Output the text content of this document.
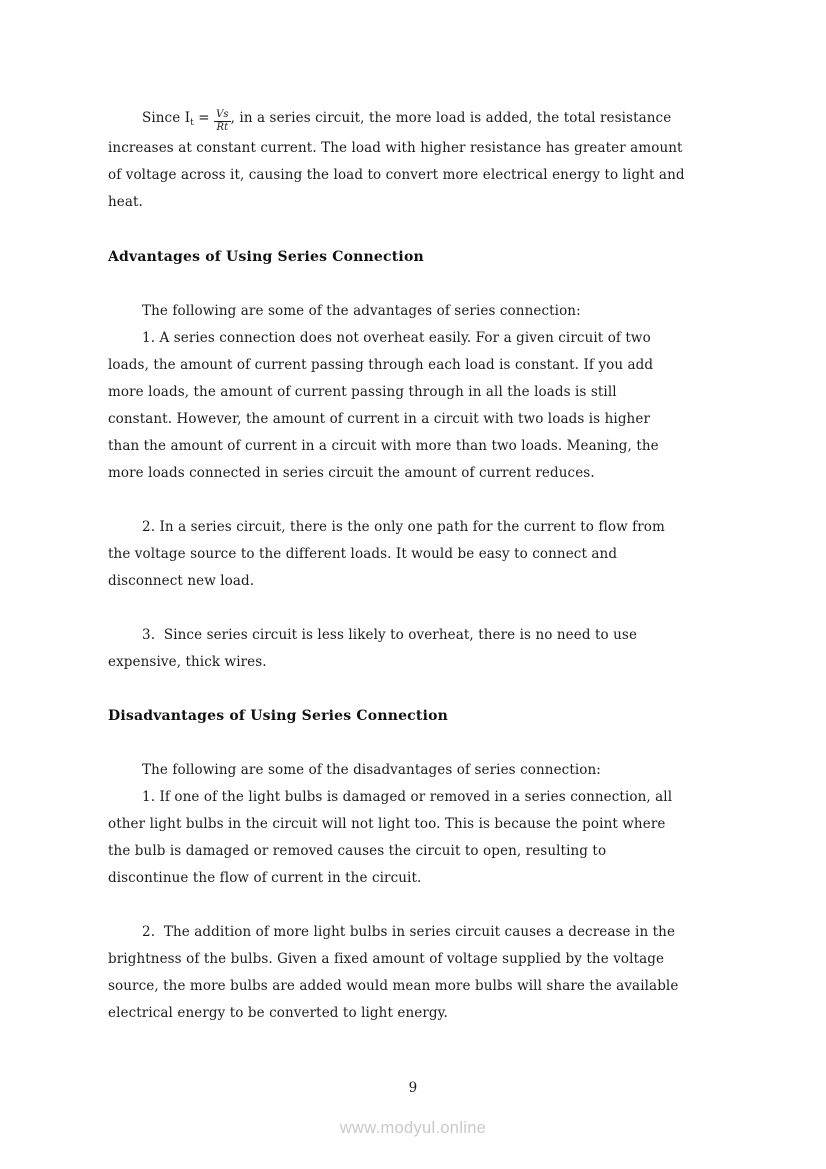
Since $I_t = \frac{Vs}{Rt}$ , in a series circuit, the more load is added, the total resistance
increases at constant current. The load with higher resistance has greater amount
of voltage across it, causing the load to convert more electrical energy to light and
heat.
Advantages of Using Series Connection
The following are some of the advantages of series connection:
1. A series connection does not overheat easily. For a given circuit of two
loads, the amount of current passing through each load is constant. If you add
more loads, the amount of current passing through in all the loads is still
constant. However, the amount of current in a circuit with two loads is higher
than the amount of current in a circuit with more than two loads. Meaning, the
more loads connected in series circuit the amount of current reduces.
2. In a series circuit, there is the only one path for the current to flow from
the voltage source to the different loads. It would be easy to connect and
disconnect new load.
3.  Since series circuit is less likely to overheat, there is no need to use
expensive, thick wires.
Disadvantages of Using Series Connection
The following are some of the disadvantages of series connection:
1. If one of the light bulbs is damaged or removed in a series connection, all
other light bulbs in the circuit will not light too. This is because the point where
the bulb is damaged or removed causes the circuit to open, resulting to
discontinue the flow of current in the circuit.
2.  The addition of more light bulbs in series circuit causes a decrease in the
brightness of the bulbs. Given a fixed amount of voltage supplied by the voltage
source, the more bulbs are added would mean more bulbs will share the available
electrical energy to be converted to light energy.
9
www.modyul.online
